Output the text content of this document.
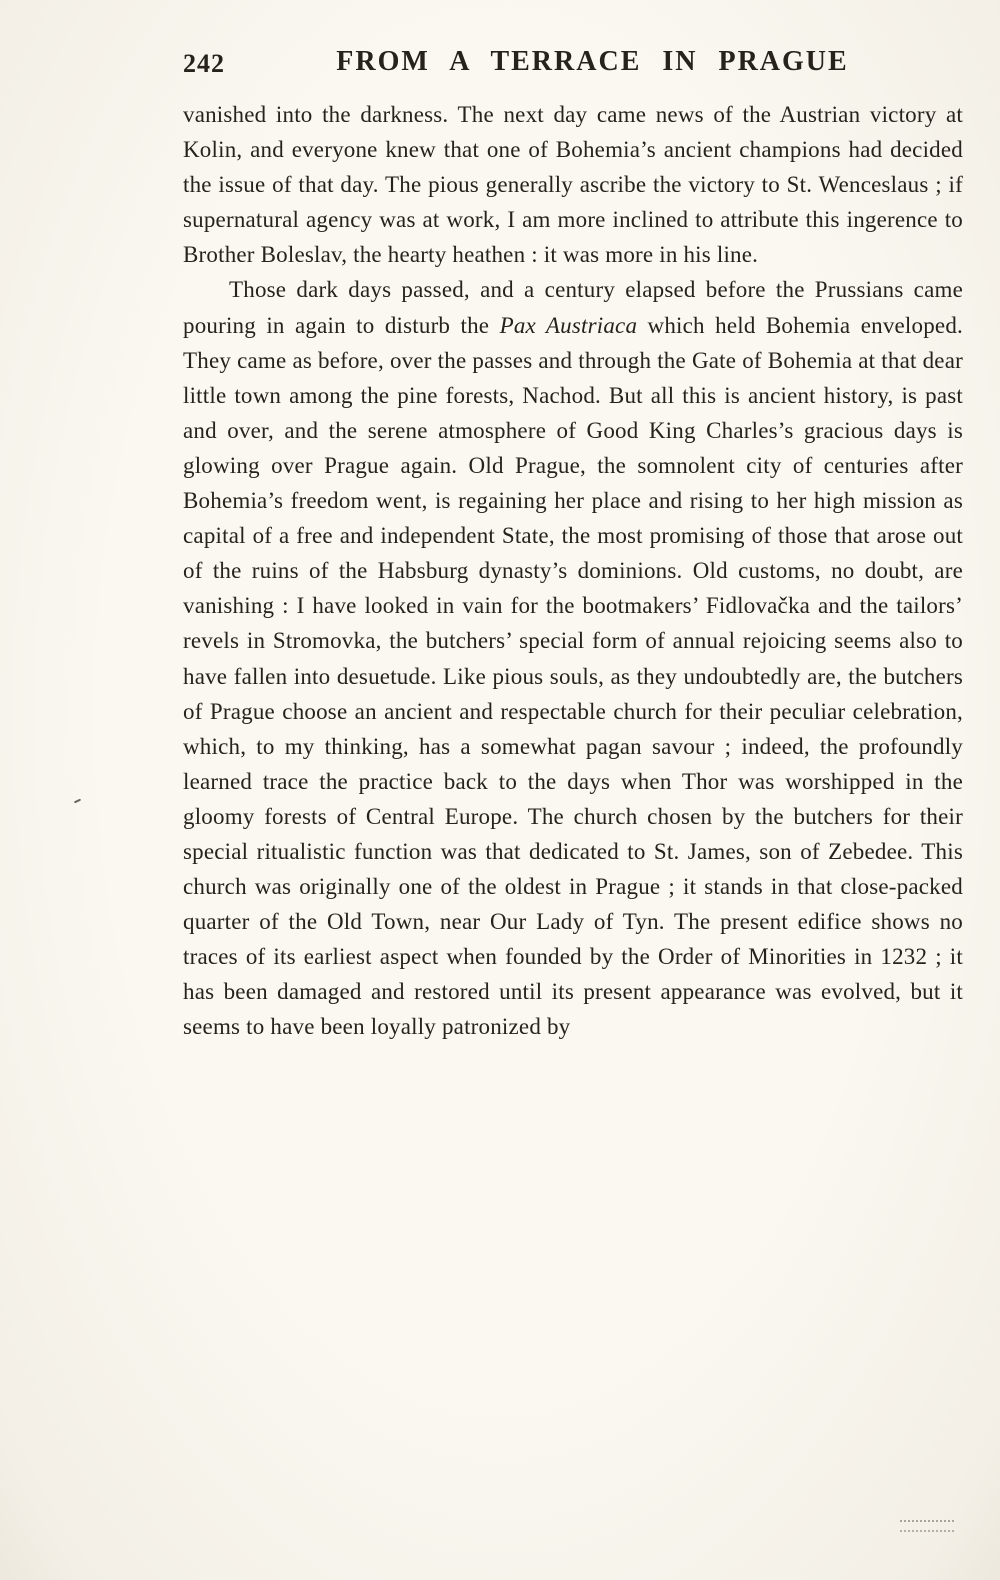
242	FROM A TERRACE IN PRAGUE

vanished into the darkness. The next day came news of the Austrian victory at Kolin, and everyone knew that one of Bohemia’s ancient champions had decided the issue of that day. The pious generally ascribe the victory to St. Wenceslaus ; if supernatural agency was at work, I am more inclined to attribute this ingerence to Brother Boleslav, the hearty heathen : it was more in his line.

Those dark days passed, and a century elapsed before the Prussians came pouring in again to disturb the Pax Austriaca which held Bohemia enveloped. They came as before, over the passes and through the Gate of Bohemia at that dear little town among the pine forests, Nachod. But all this is ancient history, is past and over, and the serene atmosphere of Good King Charles’s gracious days is glowing over Prague again. Old Prague, the somnolent city of centuries after Bohemia’s freedom went, is regaining her place and rising to her high mission as capital of a free and independent State, the most promising of those that arose out of the ruins of the Habsburg dynasty’s dominions. Old customs, no doubt, are vanishing : I have looked in vain for the bootmakers’ Fidlovačka and the tailors’ revels in Stromovka, the butchers’ special form of annual rejoicing seems also to have fallen into desuetude. Like pious souls, as they undoubtedly are, the butchers of Prague choose an ancient and respectable church for their peculiar celebration, which, to my thinking, has a somewhat pagan savour ; indeed, the profoundly learned trace the practice back to the days when Thor was worshipped in the gloomy forests of Central Europe. The church chosen by the butchers for their special ritualistic function was that dedicated to St. James, son of Zebedee. This church was originally one of the oldest in Prague ; it stands in that close-packed quarter of the Old Town, near Our Lady of Tyn. The present edifice shows no traces of its earliest aspect when founded by the Order of Minorities in 1232 ; it has been damaged and restored until its present appearance was evolved, but it seems to have been loyally patronized by
